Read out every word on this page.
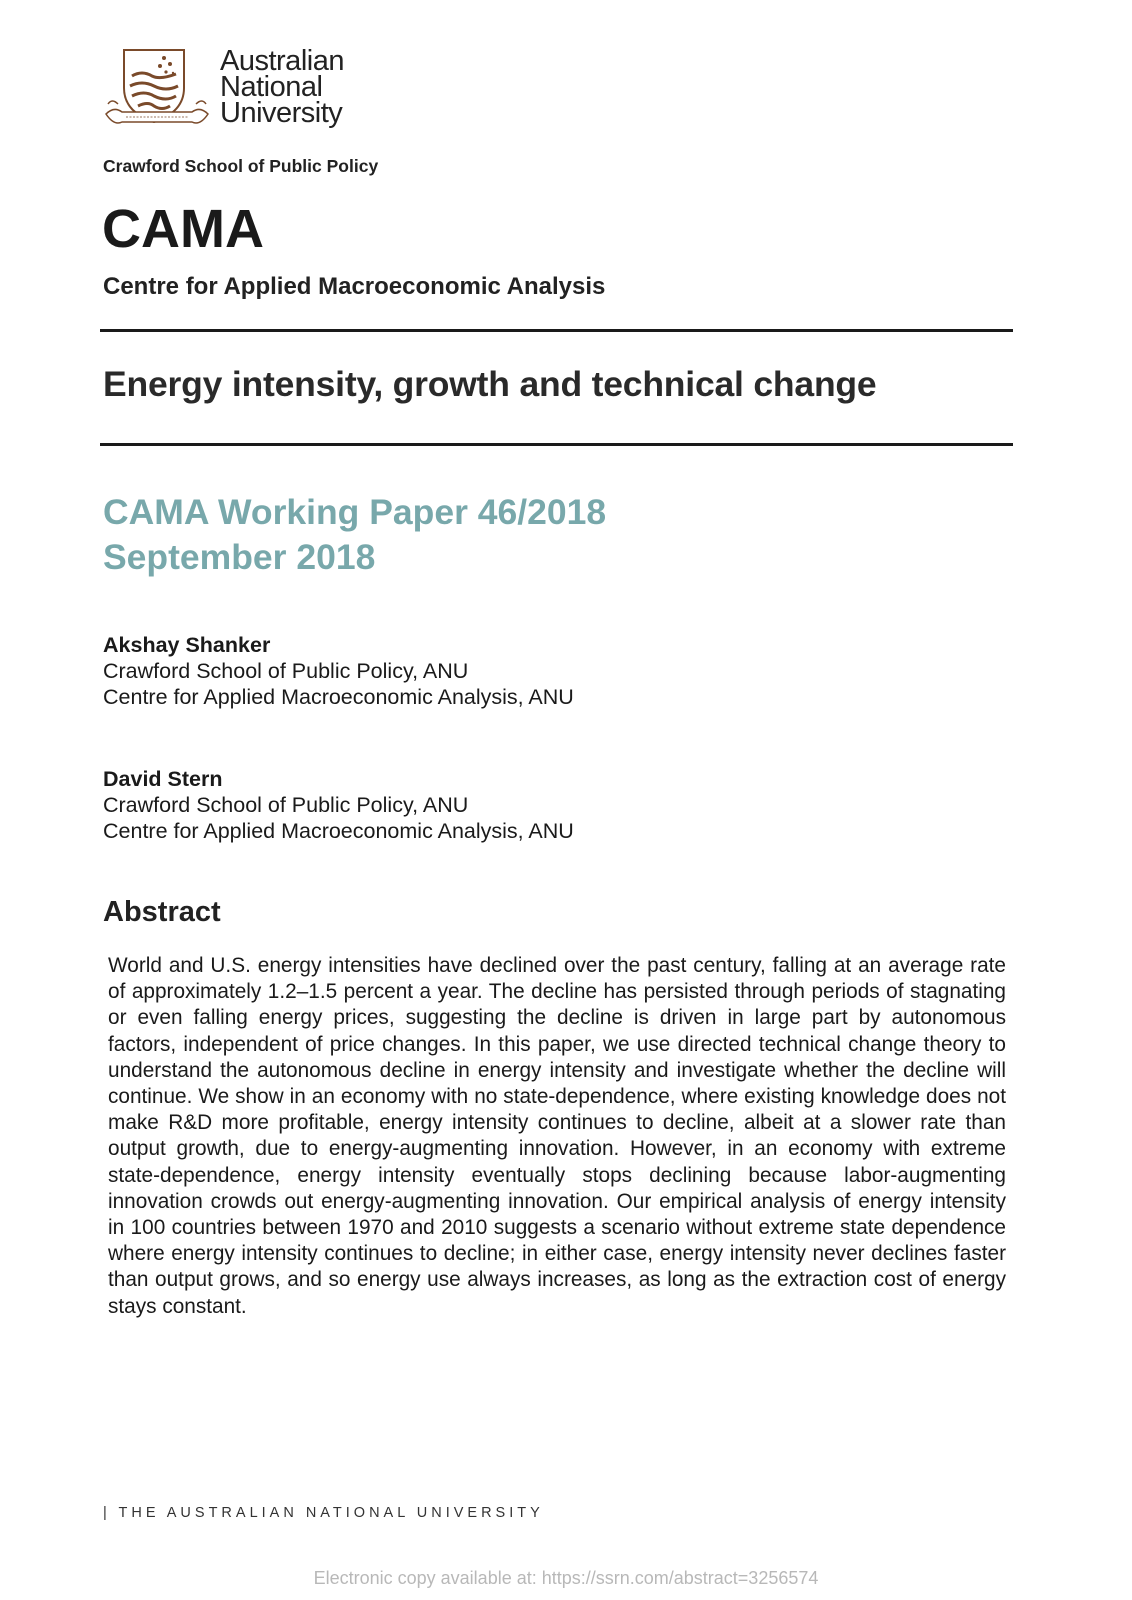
Australian
National
University
Crawford School of Public Policy
CAMA
Centre for Applied Macroeconomic Analysis
Energy intensity, growth and technical change
CAMA Working Paper 46/2018
September 2018
Akshay Shanker
Crawford School of Public Policy, ANU
Centre for Applied Macroeconomic Analysis, ANU
David Stern
Crawford School of Public Policy, ANU
Centre for Applied Macroeconomic Analysis, ANU
Abstract
World and U.S. energy intensities have declined over the past century, falling at an average rate of approximately 1.2–1.5 percent a year. The decline has persisted through periods of stagnating or even falling energy prices, suggesting the decline is driven in large part by autonomous factors, independent of price changes. In this paper, we use directed technical change theory to understand the autonomous decline in energy intensity and investigate whether the decline will continue. We show in an economy with no state-dependence, where existing knowledge does not make R&D more profitable, energy intensity continues to decline, albeit at a slower rate than output growth, due to energy-augmenting innovation. However, in an economy with extreme state-dependence, energy intensity eventually stops declining because labor-augmenting innovation crowds out energy-augmenting innovation. Our empirical analysis of energy intensity in 100 countries between 1970 and 2010 suggests a scenario without extreme state dependence where energy intensity continues to decline; in either case, energy intensity never declines faster than output grows, and so energy use always increases, as long as the extraction cost of energy stays constant.
| THE AUSTRALIAN NATIONAL UNIVERSITY
Electronic copy available at: https://ssrn.com/abstract=3256574
